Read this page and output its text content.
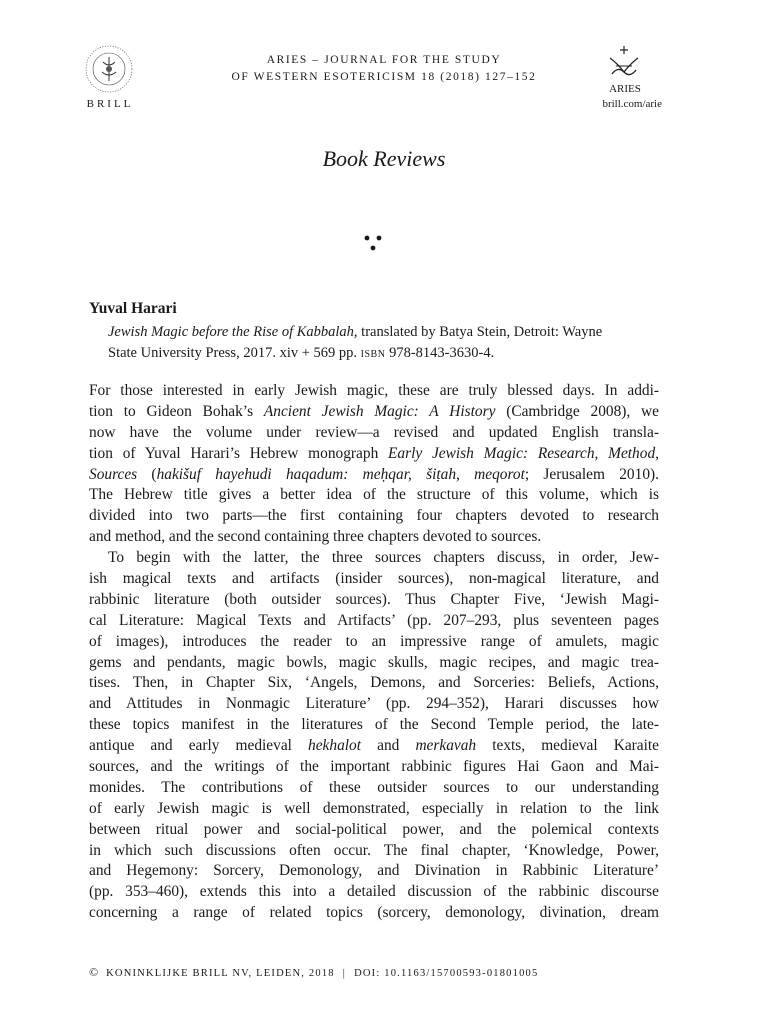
BRILL
ARIES – JOURNAL FOR THE STUDY
OF WESTERN ESOTERICISM 18 (2018) 127–152
ARIES
brill.com/arie
Book Reviews
Yuval Harari
Jewish Magic before the Rise of Kabbalah, translated by Batya Stein, Detroit: Wayne
State University Press, 2017. xiv + 569 pp. isbn 978-8143-3630-4.
For those interested in early Jewish magic, these are truly blessed days. In addi-
tion to Gideon Bohak’s Ancient Jewish Magic: A History (Cambridge 2008), we
now have the volume under review—a revised and updated English transla-
tion of Yuval Harari’s Hebrew monograph Early Jewish Magic: Research, Method,
Sources (hakišuf hayehudi haqadum: meḥqar, šiṭah, meqorot; Jerusalem 2010).
The Hebrew title gives a better idea of the structure of this volume, which is
divided into two parts—the first containing four chapters devoted to research
and method, and the second containing three chapters devoted to sources.
To begin with the latter, the three sources chapters discuss, in order, Jew-
ish magical texts and artifacts (insider sources), non-magical literature, and
rabbinic literature (both outsider sources). Thus Chapter Five, ‘Jewish Magi-
cal Literature: Magical Texts and Artifacts’ (pp. 207–293, plus seventeen pages
of images), introduces the reader to an impressive range of amulets, magic
gems and pendants, magic bowls, magic skulls, magic recipes, and magic trea-
tises. Then, in Chapter Six, ‘Angels, Demons, and Sorceries: Beliefs, Actions,
and Attitudes in Nonmagic Literature’ (pp. 294–352), Harari discusses how
these topics manifest in the literatures of the Second Temple period, the late-
antique and early medieval hekhalot and merkavah texts, medieval Karaite
sources, and the writings of the important rabbinic figures Hai Gaon and Mai-
monides. The contributions of these outsider sources to our understanding
of early Jewish magic is well demonstrated, especially in relation to the link
between ritual power and social-political power, and the polemical contexts
in which such discussions often occur. The final chapter, ‘Knowledge, Power,
and Hegemony: Sorcery, Demonology, and Divination in Rabbinic Literature’
(pp. 353–460), extends this into a detailed discussion of the rabbinic discourse
concerning a range of related topics (sorcery, demonology, divination, dream
© KONINKLIJKE BRILL NV, LEIDEN, 2018 | DOI: 10.1163/15700593-01801005
